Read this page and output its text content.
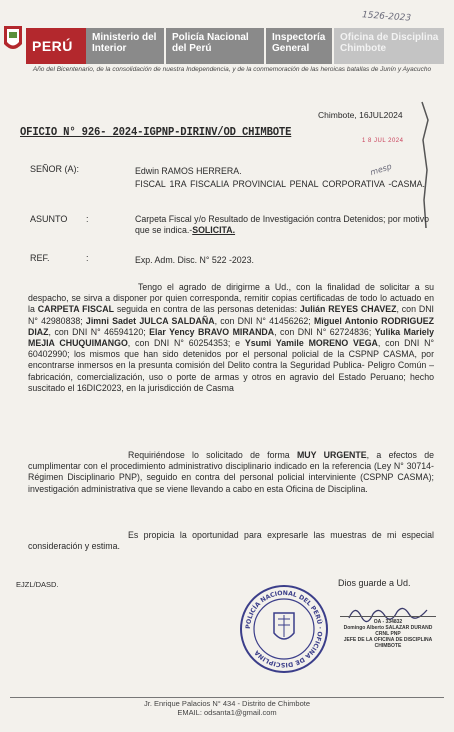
PERÚ
Ministerio del Interior
Policía Nacional del Perú
Inspectoría General
Oficina de Disciplina Chimbote
Año del Bicentenario, de la consolidación de nuestra Independencia, y de la conmemoración de las heroicas batallas de Junín y Ayacucho
1526-2023
Chimbote, 16JUL2024
1 8 JUL 2024
OFICIO N° 926- 2024-IGPNP-DIRINV/OD CHIMBOTE
mesp
SEÑOR (A):	Edwin RAMOS HERRERA.
FISCAL 1RA FISCALIA PROVINCIAL PENAL CORPORATIVA -CASMA.
ASUNTO :	Carpeta Fiscal y/o Resultado de Investigación contra Detenidos; por motivo que se indica.-SOLICITA.
REF.	:	Exp. Adm. Disc. N° 522 -2023.
Tengo el agrado de dirigirme a Ud., con la finalidad de solicitar a su despacho, se sirva a disponer por quien corresponda, remitir copias certificadas de todo lo actuado en la CARPETA FISCAL seguida en contra de las personas detenidas: Julián REYES CHAVEZ, con DNI N° 42980838; Jimni Sadet JULCA SALDAÑA, con DNI N° 41456262; Miguel Antonio RODRIGUEZ DIAZ, con DNI N° 46594120; Elar Yency BRAVO MIRANDA, con DNI N° 62724836; Yulika Mariely MEJIA CHUQUIMANGO, con DNI N° 60254353; e Ysumi Yamile MORENO VEGA, con DNI N° 60402990; los mismos que han sido detenidos por el personal policial de la CSPNP CASMA, por encontrarse inmersos en la presunta comisión del Delito contra la Seguridad Publica- Peligro Común – fabricación, comercialización, uso o porte de armas y otros en agravio del Estado Peruano; hecho suscitado el 16DIC2023, en la jurisdicción de Casma
Requiriéndose lo solicitado de forma MUY URGENTE, a efectos de cumplimentar con el procedimiento administrativo disciplinario indicado en la referencia (Ley N° 30714- Régimen Disciplinario PNP), seguido en contra del personal policial interviniente (CSPNP CASMA); investigación administrativa que se viene llevando a cabo en esta Oficina de Disciplina.
Es propicia la oportunidad para expresarle las muestras de mi especial consideración y estima.
EJZL/DASD.	Dios guarde a Ud.
POLICÍA NACIONAL DEL PERÚ · OFICINA DE DISCIPLINA
OA - 334832
Domingo Alberto SALAZAR DURAND
CRNL PNP
JEFE DE LA OFICINA DE DISCIPLINA
CHIMBOTE
Jr. Enrique Palacios N° 434 - Distrito de Chimbote
EMAIL: odsanta1@gmail.com
